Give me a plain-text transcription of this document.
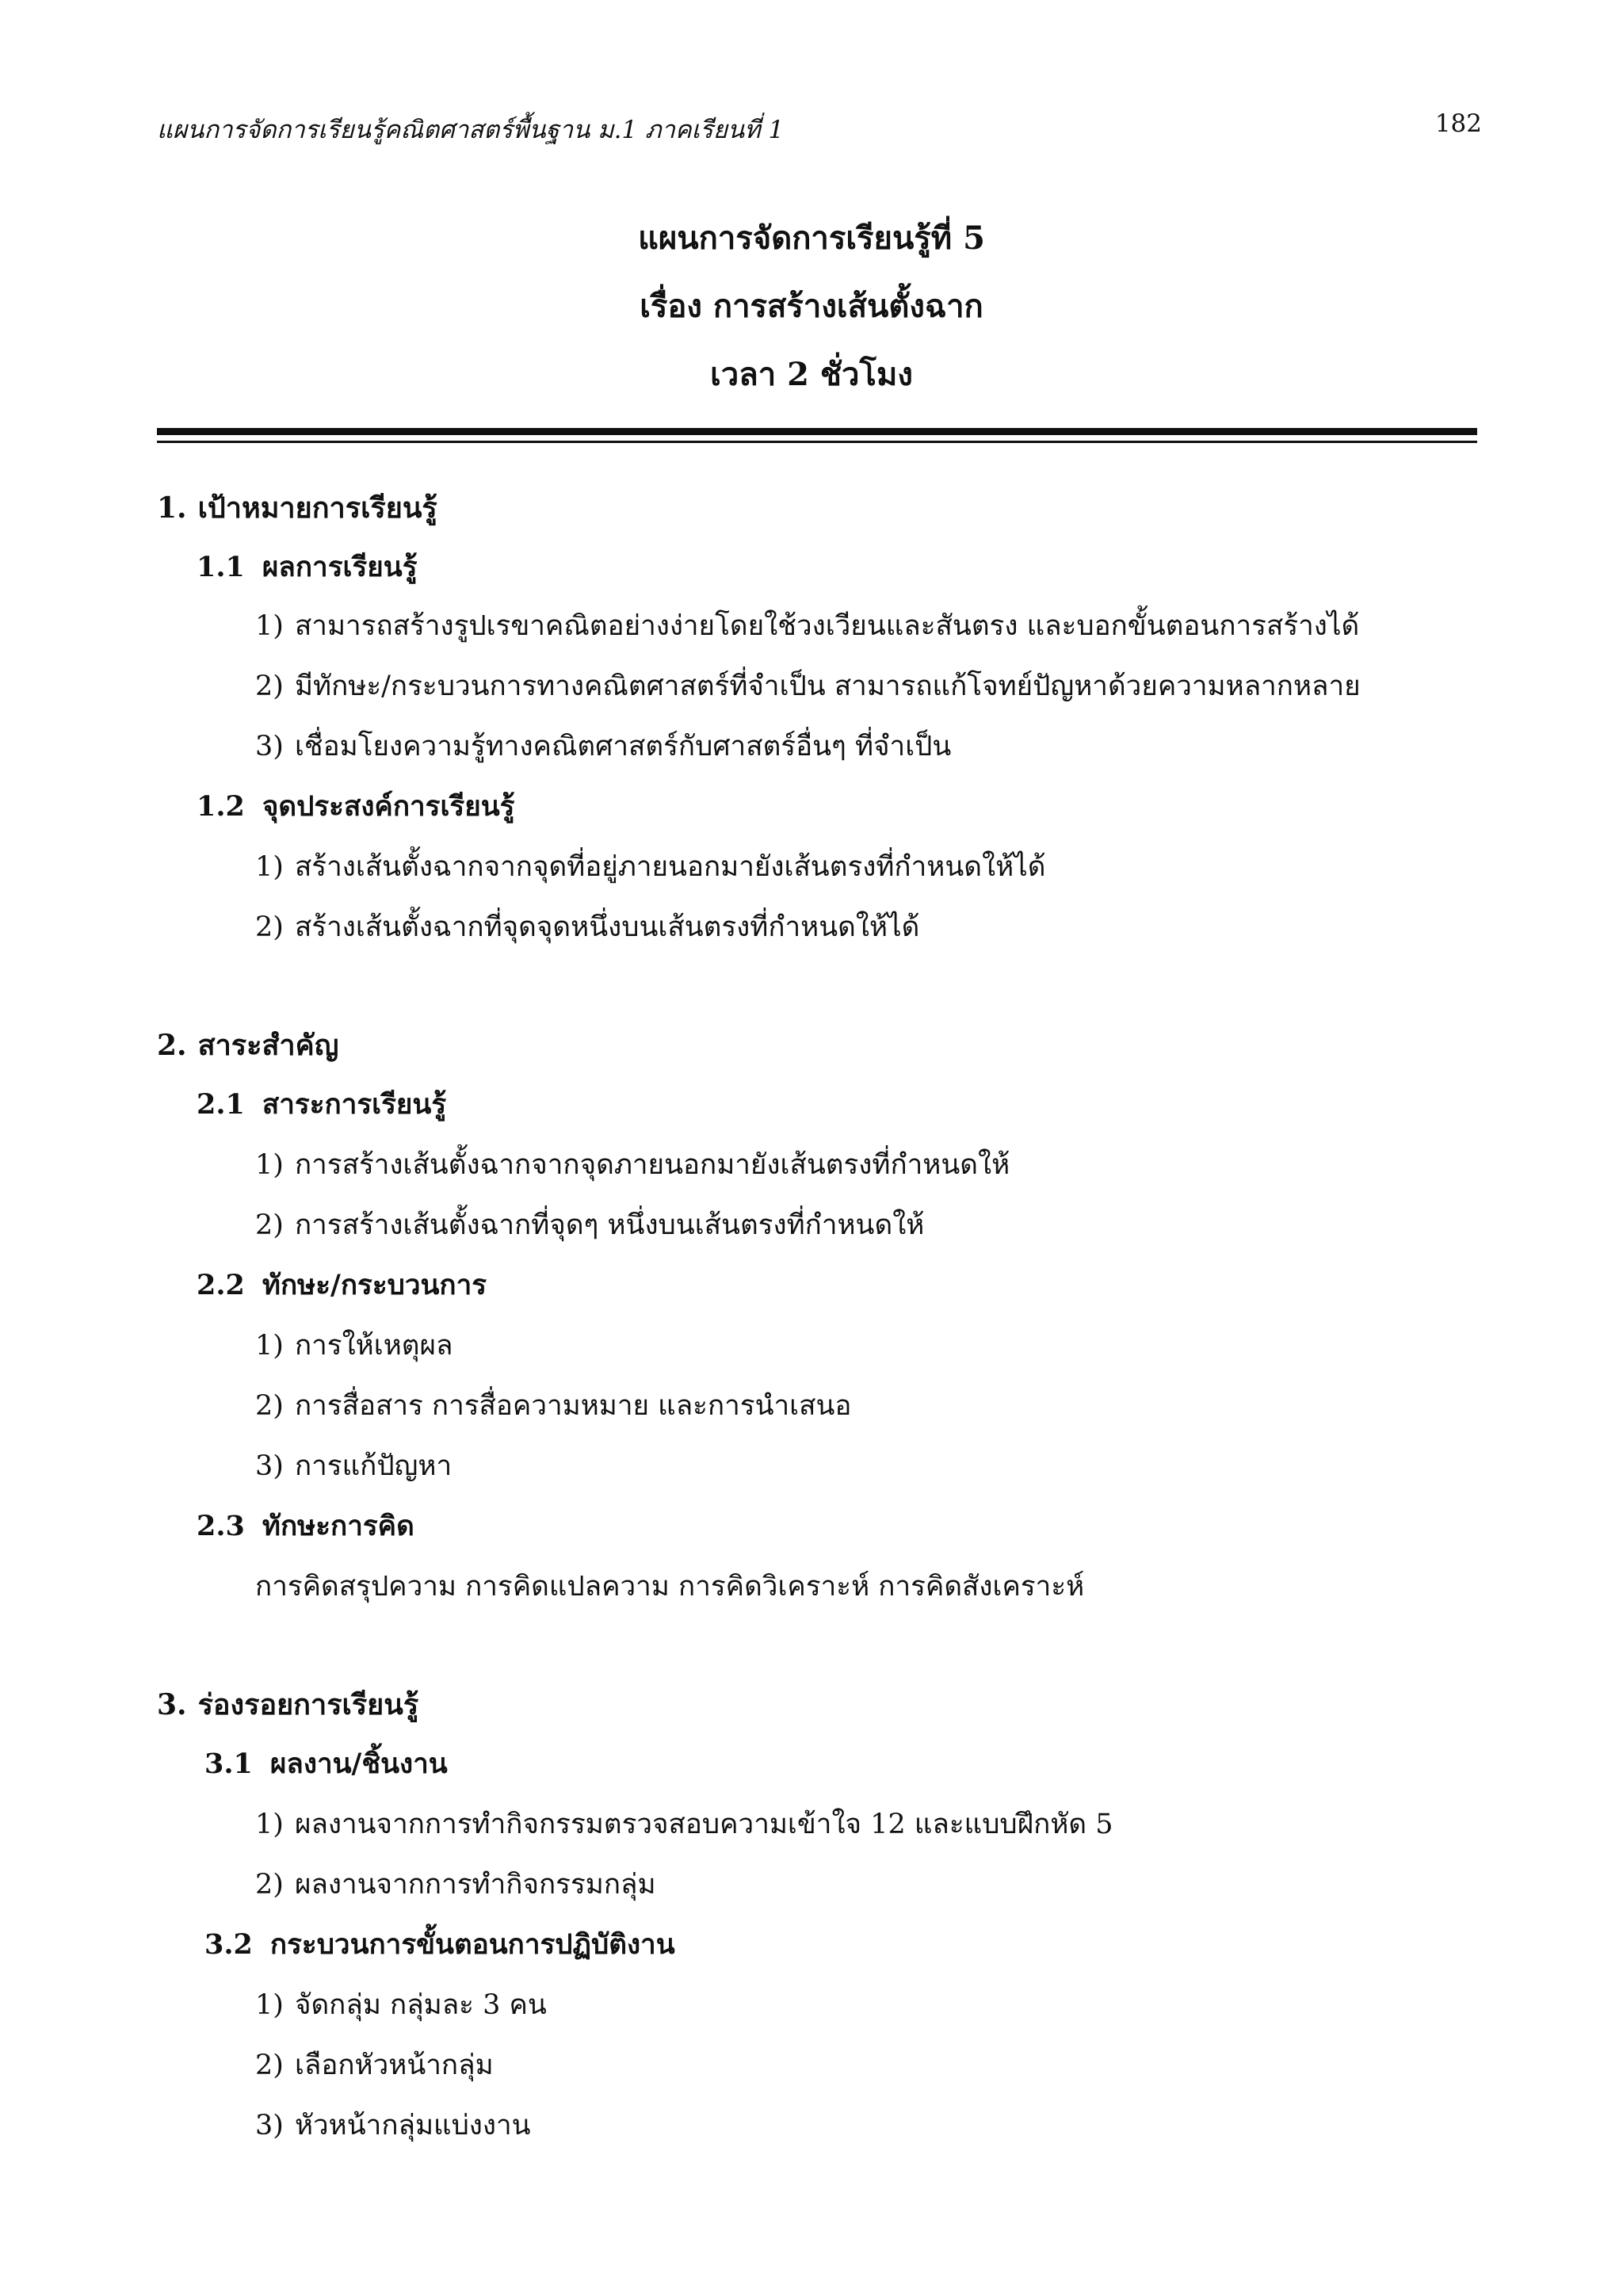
แผนการจัดการเรียนรู้คณิตศาสตร์พื้นฐาน ม.1 ภาคเรียนที่ 1	182
แผนการจัดการเรียนรู้ที่ 5
เรื่อง การสร้างเส้นตั้งฉาก
เวลา 2 ชั่วโมง
1. เป้าหมายการเรียนรู้
1.1 ผลการเรียนรู้
1) สามารถสร้างรูปเรขาคณิตอย่างง่ายโดยใช้วงเวียนและสันตรง และบอกขั้นตอนการสร้างได้
2) มีทักษะ/กระบวนการทางคณิตศาสตร์ที่จำเป็น สามารถแก้โจทย์ปัญหาด้วยความหลากหลาย
3) เชื่อมโยงความรู้ทางคณิตศาสตร์กับศาสตร์อื่นๆ ที่จำเป็น
1.2 จุดประสงค์การเรียนรู้
1) สร้างเส้นตั้งฉากจากจุดที่อยู่ภายนอกมายังเส้นตรงที่กำหนดให้ได้
2) สร้างเส้นตั้งฉากที่จุดจุดหนึ่งบนเส้นตรงที่กำหนดให้ได้
2. สาระสำคัญ
2.1 สาระการเรียนรู้
1) การสร้างเส้นตั้งฉากจากจุดภายนอกมายังเส้นตรงที่กำหนดให้
2) การสร้างเส้นตั้งฉากที่จุดๆ หนึ่งบนเส้นตรงที่กำหนดให้
2.2 ทักษะ/กระบวนการ
1) การให้เหตุผล
2) การสื่อสาร การสื่อความหมาย และการนำเสนอ
3) การแก้ปัญหา
2.3 ทักษะการคิด
การคิดสรุปความ การคิดแปลความ การคิดวิเคราะห์ การคิดสังเคราะห์
3. ร่องรอยการเรียนรู้
3.1 ผลงาน/ชิ้นงาน
1) ผลงานจากการทำกิจกรรมตรวจสอบความเข้าใจ 12 และแบบฝึกหัด 5
2) ผลงานจากการทำกิจกรรมกลุ่ม
3.2 กระบวนการขั้นตอนการปฏิบัติงาน
1) จัดกลุ่ม กลุ่มละ 3 คน
2) เลือกหัวหน้ากลุ่ม
3) หัวหน้ากลุ่มแบ่งงาน
